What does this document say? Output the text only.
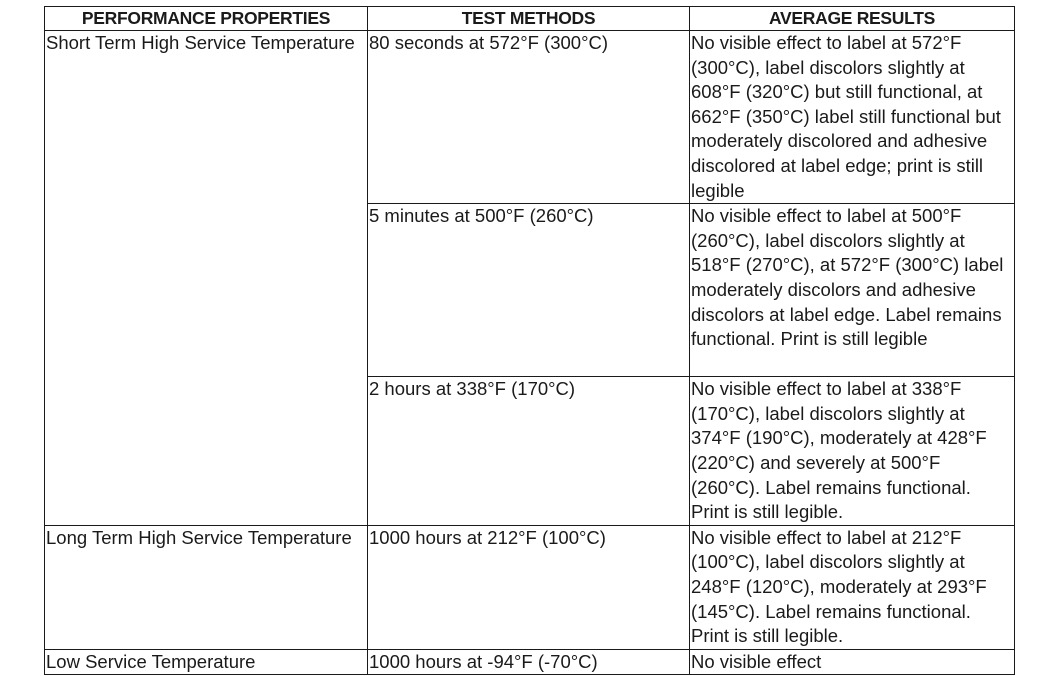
PERFORMANCE PROPERTIES	TEST METHODS	AVERAGE RESULTS
Short Term High Service Temperature	80 seconds at 572°F (300°C)	No visible effect to label at 572°F (300°C), label discolors slightly at 608°F (320°C) but still functional, at 662°F (350°C) label still functional but moderately discolored and adhesive discolored at label edge; print is still legible
	5 minutes at 500°F (260°C)	No visible effect to label at 500°F (260°C), label discolors slightly at 518°F (270°C), at 572°F (300°C) label moderately discolors and adhesive discolors at label edge. Label remains functional. Print is still legible
	2 hours at 338°F (170°C)	No visible effect to label at 338°F (170°C), label discolors slightly at 374°F (190°C), moderately at 428°F (220°C) and severely at 500°F (260°C). Label remains functional. Print is still legible.
Long Term High Service Temperature	1000 hours at 212°F (100°C)	No visible effect to label at 212°F (100°C), label discolors slightly at 248°F (120°C), moderately at 293°F (145°C). Label remains functional. Print is still legible.
Low Service Temperature	1000 hours at -94°F (-70°C)	No visible effect
